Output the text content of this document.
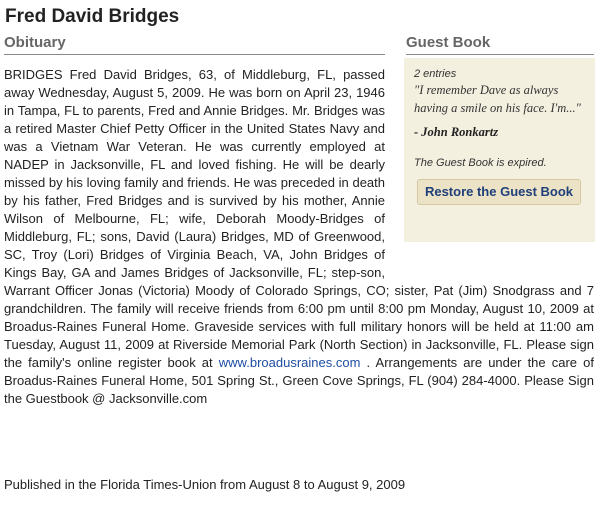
Fred David Bridges
Obituary	Guest Book

BRIDGES Fred David Bridges, 63, of Middleburg, FL, passed away Wednesday, August 5, 2009. He was born on April 23, 1946 in Tampa, FL to parents, Fred and Annie Bridges. Mr. Bridges was a retired Master Chief Petty Officer in the United States Navy and was a Vietnam War Veteran. He was currently employed at NADEP in Jacksonville, FL and loved fishing. He will be dearly missed by his loving family and friends. He was preceded in death by his father, Fred Bridges and is survived by his mother, Annie Wilson of Melbourne, FL; wife, Deborah Moody-Bridges of Middleburg, FL; sons, David (Laura) Bridges, MD of Greenwood, SC, Troy (Lori) Bridges of Virginia Beach, VA, John Bridges of Kings Bay, GA and James Bridges of Jacksonville, FL; step-son, Warrant Officer Jonas (Victoria) Moody of Colorado Springs, CO; sister, Pat (Jim) Snodgrass and 7 grandchildren. The family will receive friends from 6:00 pm until 8:00 pm Monday, August 10, 2009 at Broadus-Raines Funeral Home. Graveside services with full military honors will be held at 11:00 am Tuesday, August 11, 2009 at Riverside Memorial Park (North Section) in Jacksonville, FL. Please sign the family's online register book at www.broadusraines.com . Arrangements are under the care of Broadus-Raines Funeral Home, 501 Spring St., Green Cove Springs, FL (904) 284-4000. Please Sign the Guestbook @ Jacksonville.com

Published in the Florida Times-Union from August 8 to August 9, 2009
2 entries
"I remember Dave as always having a smile on his face. I'm..."
- John Ronkartz
The Guest Book is expired.
Restore the Guest Book
